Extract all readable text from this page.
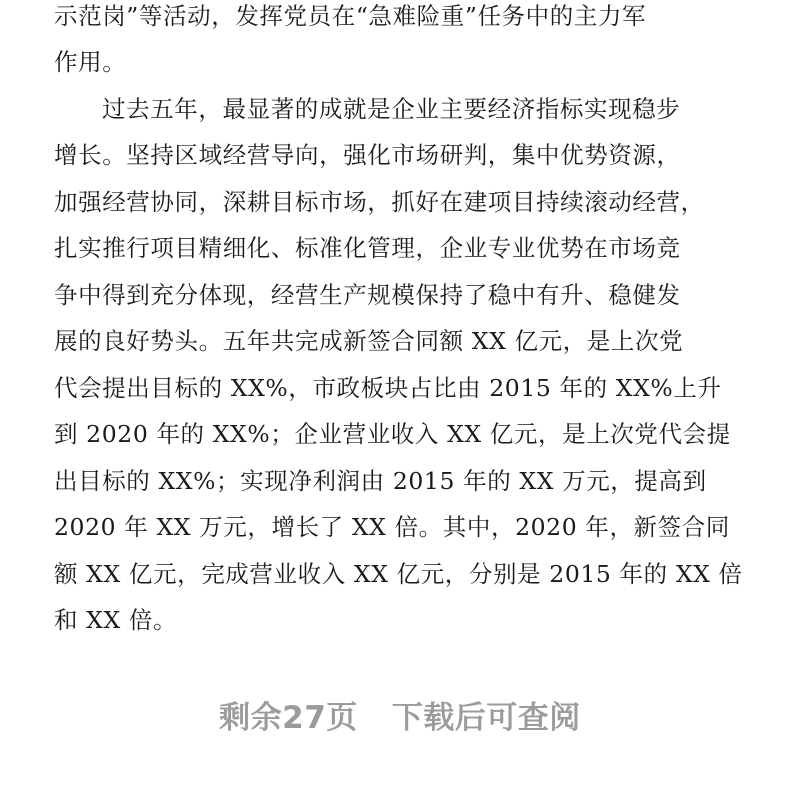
示范岗”等活动，发挥党员在“急难险重”任务中的主力军
作用。
过去五年，最显著的成就是企业主要经济指标实现稳步
增长。坚持区域经营导向，强化市场研判，集中优势资源，
加强经营协同，深耕目标市场，抓好在建项目持续滚动经营，
扎实推行项目精细化、标准化管理，企业专业优势在市场竞
争中得到充分体现，经营生产规模保持了稳中有升、稳健发
展的良好势头。五年共完成新签合同额 XX 亿元，是上次党
代会提出目标的 XX%，市政板块占比由 2015 年的 XX%上升
到 2020 年的 XX%；企业营业收入 XX 亿元，是上次党代会提
出目标的 XX%；实现净利润由 2015 年的 XX 万元，提高到
2020 年 XX 万元，增长了 XX 倍。其中，2020 年，新签合同
额 XX 亿元，完成营业收入 XX 亿元，分别是 2015 年的 XX 倍
和 XX 倍。
剩余27页 下载后可查阅
